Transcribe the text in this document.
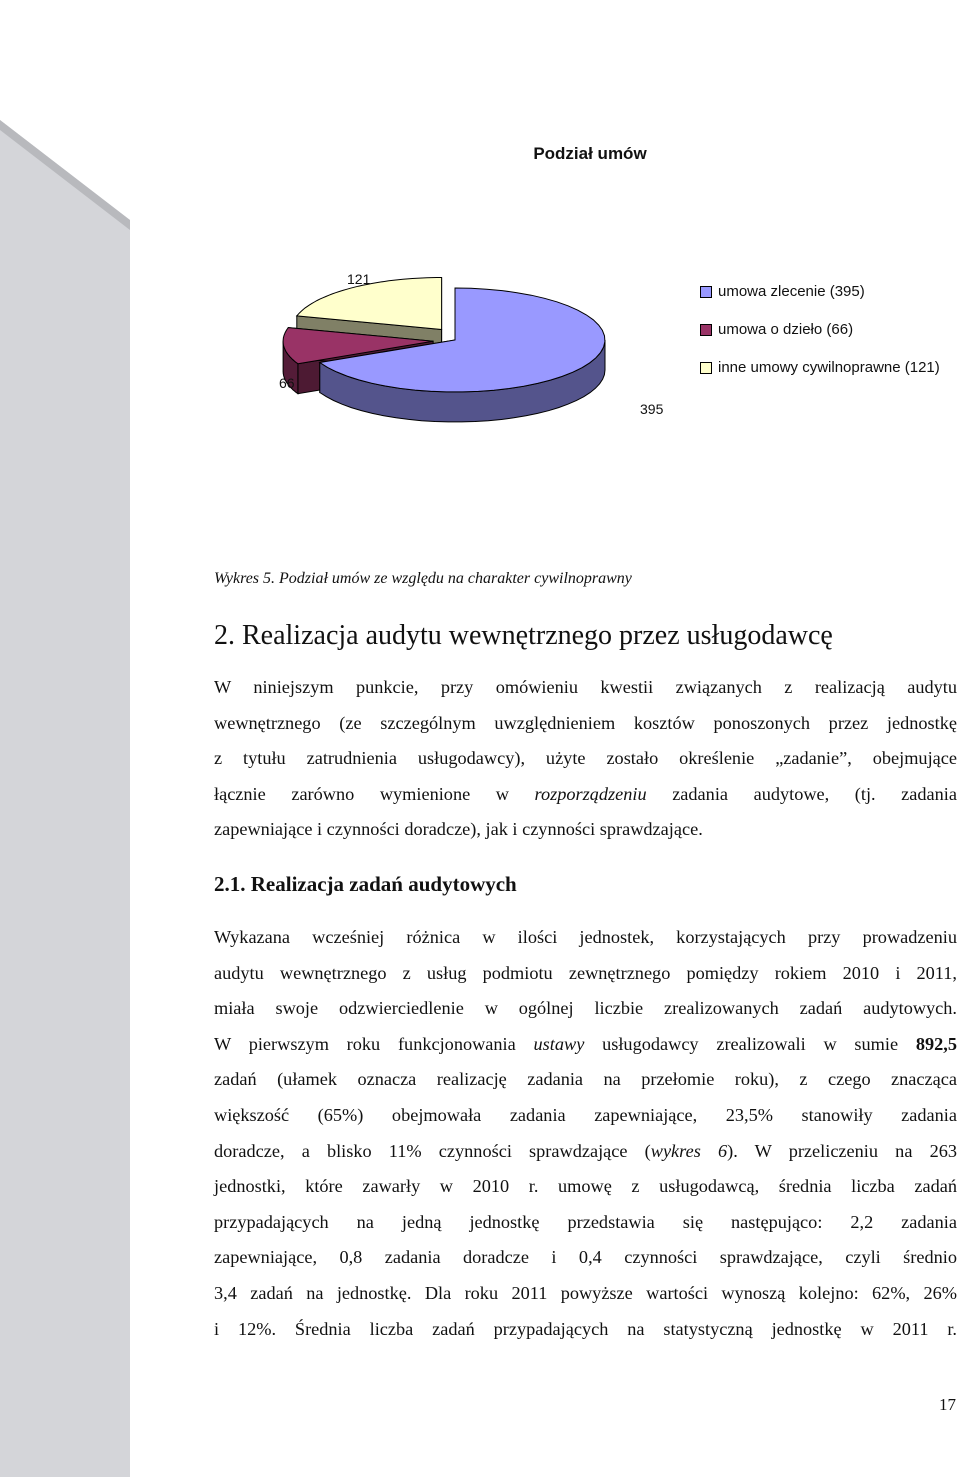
Podział umów
395
66
121
umowa zlecenie (395)
umowa o dzieło (66)
inne umowy cywilnoprawne (121)
Wykres 5. Podział umów ze względu na charakter cywilnoprawny
2. Realizacja audytu wewnętrznego przez usługodawcę
W niniejszym punkcie, przy omówieniu kwestii związanych z realizacją audytu
wewnętrznego (ze szczególnym uwzględnieniem kosztów ponoszonych przez jednostkę
z tytułu zatrudnienia usługodawcy), użyte zostało określenie „zadanie”, obejmujące
łącznie zarówno wymienione w rozporządzeniu zadania audytowe, (tj. zadania
zapewniające i czynności doradcze), jak i czynności sprawdzające.
2.1. Realizacja zadań audytowych
Wykazana wcześniej różnica w ilości jednostek, korzystających przy prowadzeniu
audytu wewnętrznego z usług podmiotu zewnętrznego pomiędzy rokiem 2010 i 2011,
miała swoje odzwierciedlenie w ogólnej liczbie zrealizowanych zadań audytowych.
W pierwszym roku funkcjonowania ustawy usługodawcy zrealizowali w sumie 892,5
zadań (ułamek oznacza realizację zadania na przełomie roku), z czego znacząca
większość (65%) obejmowała zadania zapewniające, 23,5% stanowiły zadania
doradcze, a blisko 11% czynności sprawdzające (wykres 6). W przeliczeniu na 263
jednostki, które zawarły w 2010 r. umowę z usługodawcą, średnia liczba zadań
przypadających na jedną jednostkę przedstawia się następująco: 2,2 zadania
zapewniające, 0,8 zadania doradcze i 0,4 czynności sprawdzające, czyli średnio
3,4 zadań na jednostkę. Dla roku 2011 powyższe wartości wynoszą kolejno: 62%, 26%
i 12%. Średnia liczba zadań przypadających na statystyczną jednostkę w 2011 r.
17
